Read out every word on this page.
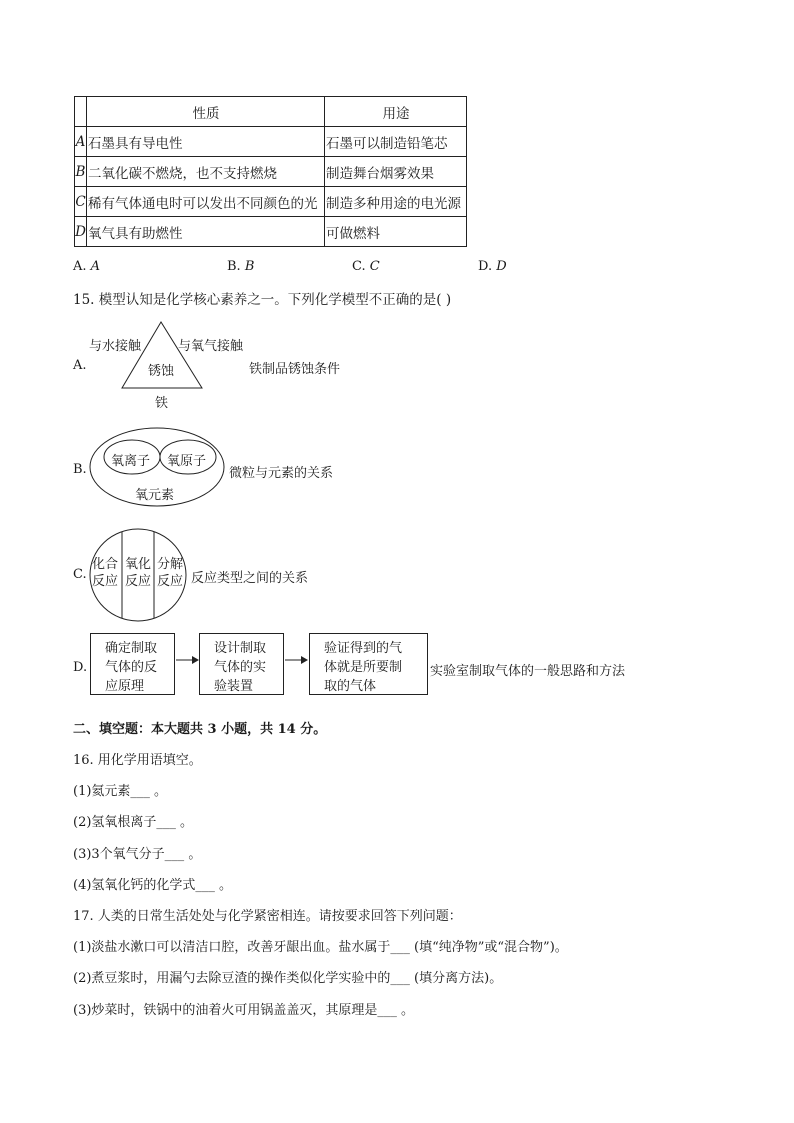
	性质	用途
A	石墨具有导电性	石墨可以制造铅笔芯
B	二氧化碳不燃烧，也不支持燃烧	制造舞台烟雾效果
C	稀有气体通电时可以发出不同颜色的光	制造多种用途的电光源
D	氧气具有助燃性	可做燃料
A. A	B. B	C. C	D. D
15. 模型认知是化学核心素养之一。下列化学模型不正确的是( )
A.
与水接触	与氧气接触
锈蚀
铁
铁制品锈蚀条件
B.
氧离子 氧原子
氧元素
微粒与元素的关系
C.
化合
反应
氧化
反应
分解
反应 反应类型之间的关系
D.
确定制取
气体的反
应原理
设计制取
气体的实
验装置
验证得到的气
体就是所要制
取的气体
实验室制取气体的一般思路和方法
二、填空题：本大题共 3 小题，共 14 分。
16. 用化学用语填空。
(1)氦元素___ 。
(2)氢氧根离子___ 。
(3)3个氧气分子___ 。
(4)氢氧化钙的化学式___ 。
17. 人类的日常生活处处与化学紧密相连。请按要求回答下列问题：
(1)淡盐水漱口可以清洁口腔，改善牙龈出血。盐水属于___ (填“纯净物”或“混合物”)。
(2)煮豆浆时，用漏勺去除豆渣的操作类似化学实验中的___ (填分离方法)。
(3)炒菜时，铁锅中的油着火可用锅盖盖灭，其原理是___ 。
